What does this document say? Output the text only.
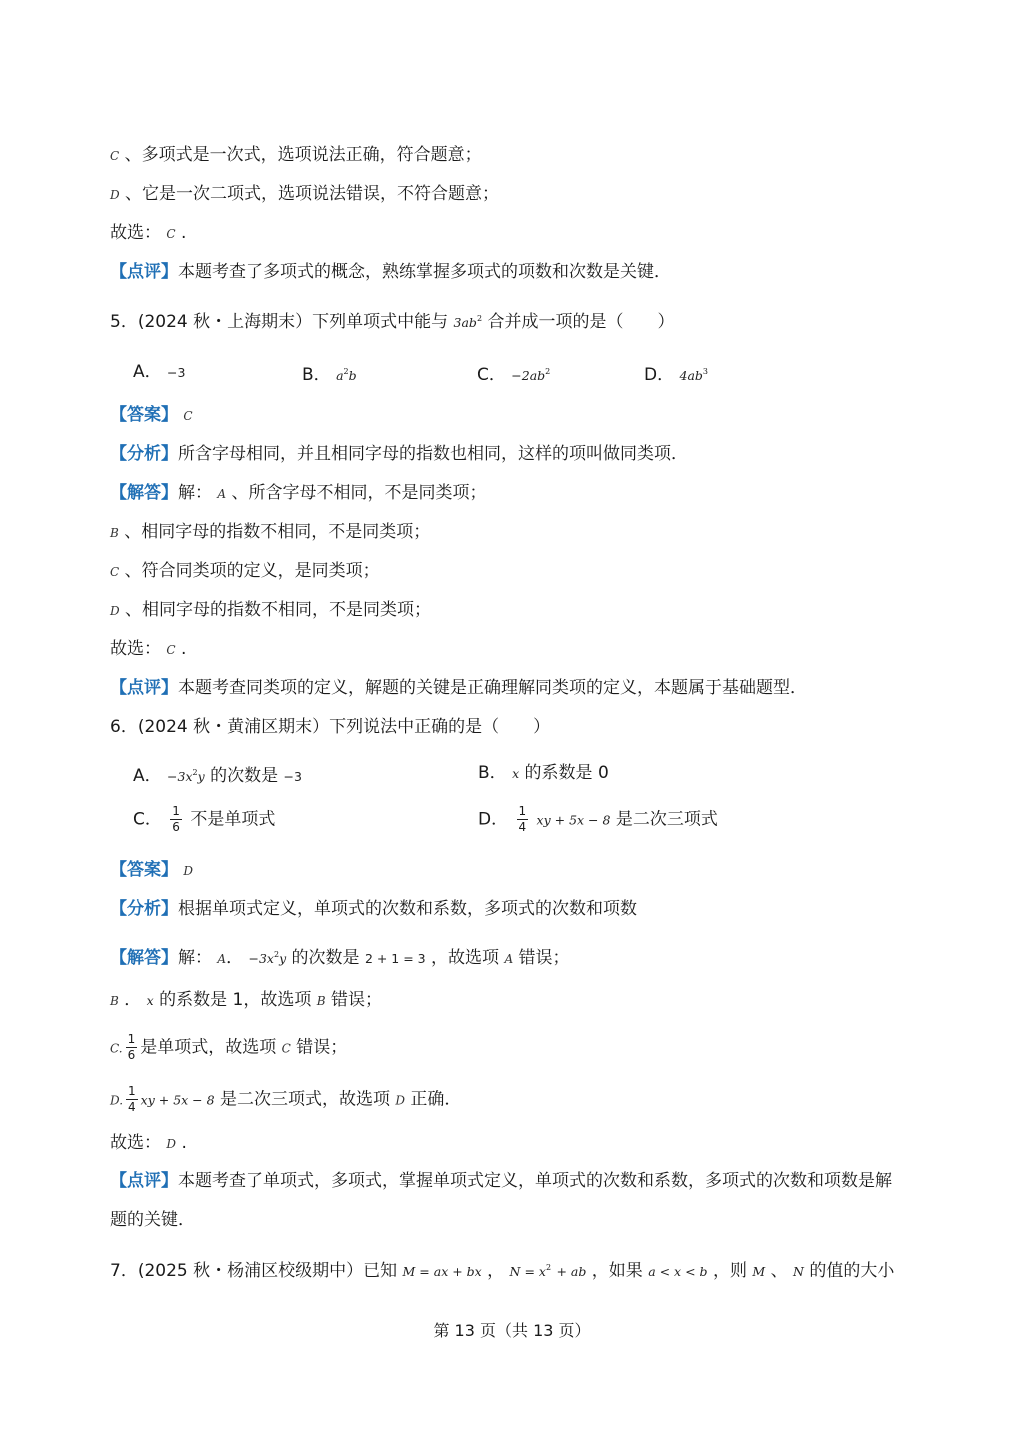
C 、多项式是一次式，选项说法正确，符合题意；
D 、它是一次二项式，选项说法错误，不符合题意；
故选： C .
【点评】本题考查了多项式的概念，熟练掌握多项式的项数和次数是关键．
5．(2024 秋・上海期末）下列单项式中能与 $3ab^2$ 合并成一项的是（　　）
A． −3	B． $a^2b$	C． $-2ab^2$	D． $4ab^3$
【答案】 C
【分析】所含字母相同，并且相同字母的指数也相同，这样的项叫做同类项．
【解答】解： A 、所含字母不相同，不是同类项；
B 、相同字母的指数不相同，不是同类项；
C 、符合同类项的定义，是同类项；
D 、相同字母的指数不相同，不是同类项；
故选： C .
【点评】本题考查同类项的定义，解题的关键是正确理解同类项的定义，本题属于基础题型．
6．(2024 秋・黄浦区期末）下列说法中正确的是（　　）
A． $-3x^2y$ 的次数是 −3	B． x 的系数是 0
C． $\frac{1}{6}$ 不是单项式	D． $\frac{1}{4}$ xy + 5x − 8 是二次三项式
【答案】 D
【分析】根据单项式定义，单项式的次数和系数，多项式的次数和项数
【解答】解： A． $-3x^2y$ 的次数是 2 + 1 = 3 ，故选项 A 错误；
B ． x 的系数是 1，故选项 B 错误；
C. $\frac{1}{6}$ 是单项式，故选项 C 错误；
D. $\frac{1}{4}$ xy + 5x − 8 是二次三项式，故选项 D 正确．
故选： D .
【点评】本题考查了单项式，多项式，掌握单项式定义，单项式的次数和系数，多项式的次数和项数是解
题的关键．
7．(2025 秋・杨浦区校级期中）已知 M = ax + bx ， $N = x^2$ + ab ，如果 a < x < b ，则 M 、 N 的值的大小
第 13 页（共 13 页）
